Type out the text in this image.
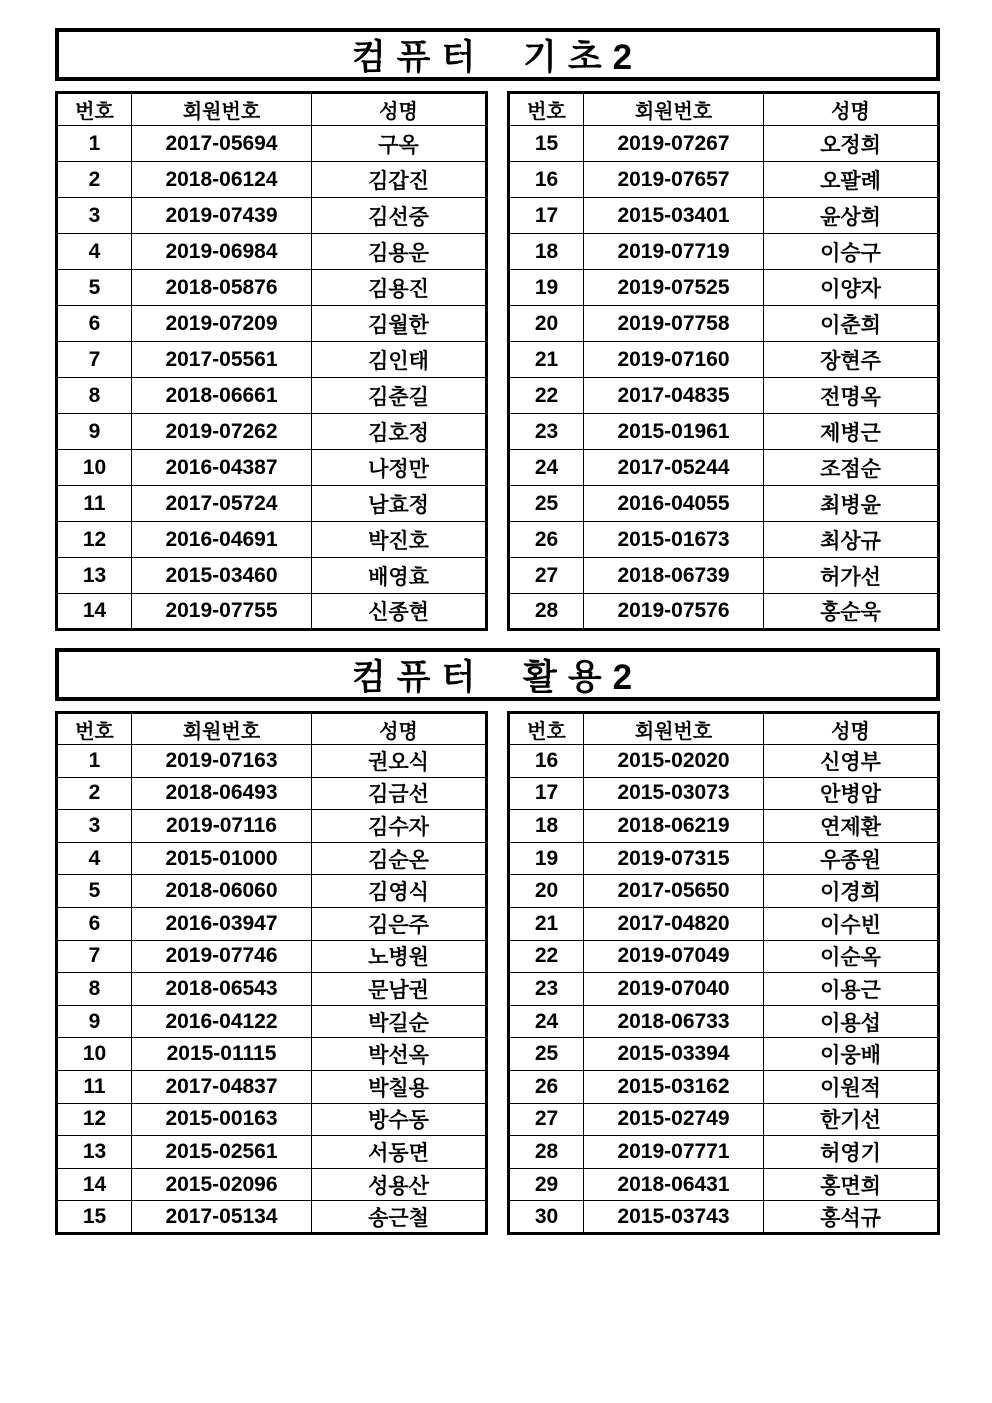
컴퓨터 기초2
번호	회원번호	성명
1	2017-05694	구옥
2	2018-06124	김갑진
3	2019-07439	김선중
4	2019-06984	김용운
5	2018-05876	김용진
6	2019-07209	김월한
7	2017-05561	김인태
8	2018-06661	김춘길
9	2019-07262	김호정
10	2016-04387	나정만
11	2017-05724	남효정
12	2016-04691	박진호
13	2015-03460	배영효
14	2019-07755	신종현
번호	회원번호	성명
15	2019-07267	오정희
16	2019-07657	오팔례
17	2015-03401	윤상희
18	2019-07719	이승구
19	2019-07525	이양자
20	2019-07758	이춘희
21	2019-07160	장현주
22	2017-04835	전명옥
23	2015-01961	제병근
24	2017-05244	조점순
25	2016-04055	최병윤
26	2015-01673	최상규
27	2018-06739	허가선
28	2019-07576	홍순욱
컴퓨터 활용2
번호	회원번호	성명
1	2019-07163	권오식
2	2018-06493	김금선
3	2019-07116	김수자
4	2015-01000	김순온
5	2018-06060	김영식
6	2016-03947	김은주
7	2019-07746	노병원
8	2018-06543	문남권
9	2016-04122	박길순
10	2015-01115	박선옥
11	2017-04837	박칠용
12	2015-00163	방수동
13	2015-02561	서동면
14	2015-02096	성용산
15	2017-05134	송근철
번호	회원번호	성명
16	2015-02020	신영부
17	2015-03073	안병암
18	2018-06219	연제환
19	2019-07315	우종원
20	2017-05650	이경희
21	2017-04820	이수빈
22	2019-07049	이순옥
23	2019-07040	이용근
24	2018-06733	이용섭
25	2015-03394	이웅배
26	2015-03162	이원적
27	2015-02749	한기선
28	2019-07771	허영기
29	2018-06431	홍면희
30	2015-03743	홍석규
